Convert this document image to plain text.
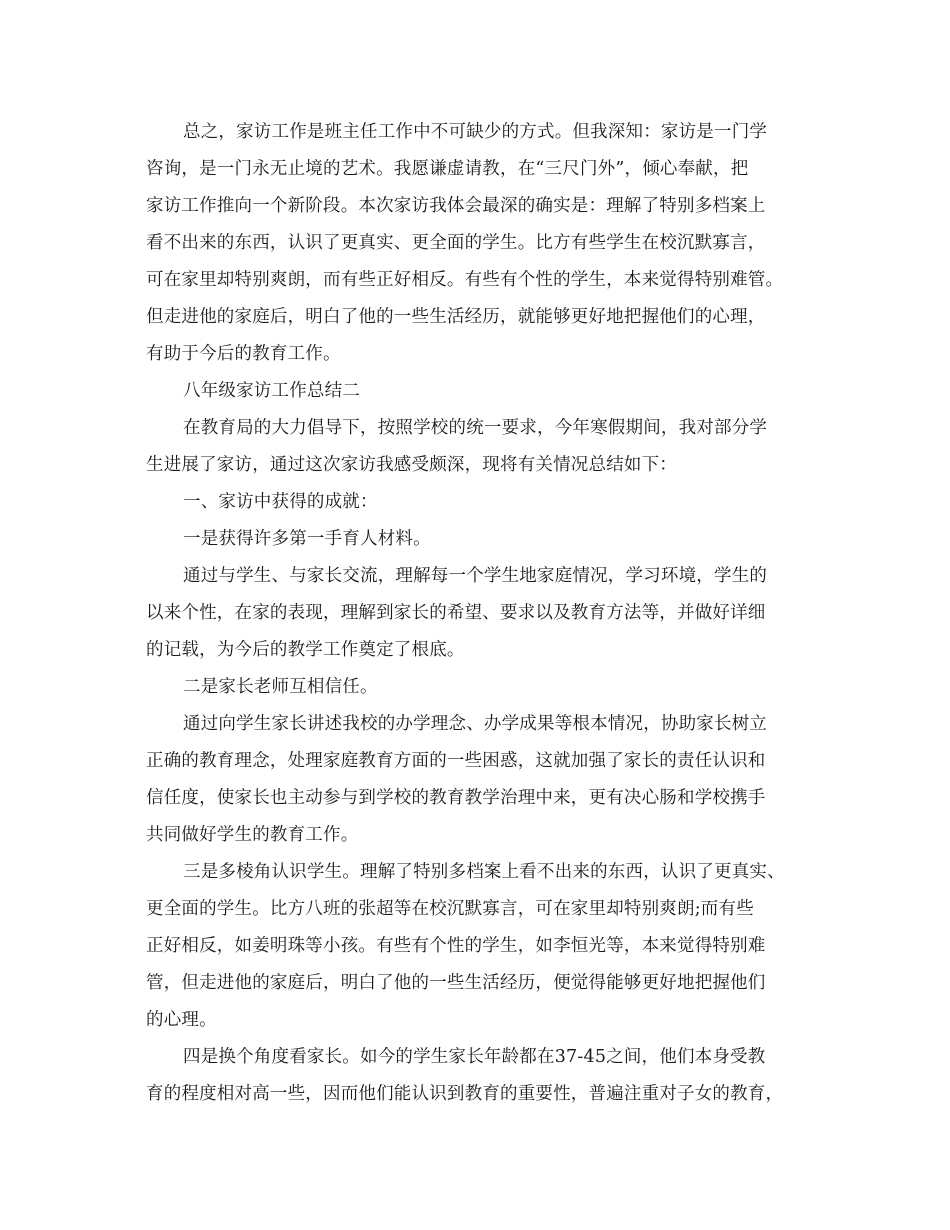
总之，家访工作是班主任工作中不可缺少的方式。但我深知：家访是一门学
咨询，是一门永无止境的艺术。我愿谦虚请教，在“三尺门外”，倾心奉献，把
家访工作推向一个新阶段。本次家访我体会最深的确实是：理解了特别多档案上
看不出来的东西，认识了更真实、更全面的学生。比方有些学生在校沉默寡言，
可在家里却特别爽朗，而有些正好相反。有些有个性的学生，本来觉得特别难管。
但走进他的家庭后，明白了他的一些生活经历，就能够更好地把握他们的心理，
有助于今后的教育工作。
八年级家访工作总结二
在教育局的大力倡导下，按照学校的统一要求，今年寒假期间，我对部分学
生进展了家访，通过这次家访我感受颇深，现将有关情况总结如下：
一、家访中获得的成就：
一是获得许多第一手育人材料。
通过与学生、与家长交流，理解每一个学生地家庭情况，学习环境，学生的
以来个性，在家的表现，理解到家长的希望、要求以及教育方法等，并做好详细
的记载，为今后的教学工作奠定了根底。
二是家长老师互相信任。
通过向学生家长讲述我校的办学理念、办学成果等根本情况，协助家长树立
正确的教育理念，处理家庭教育方面的一些困惑，这就加强了家长的责任认识和
信任度，使家长也主动参与到学校的教育教学治理中来，更有决心肠和学校携手
共同做好学生的教育工作。
三是多棱角认识学生。理解了特别多档案上看不出来的东西，认识了更真实、
更全面的学生。比方八班的张超等在校沉默寡言，可在家里却特别爽朗;而有些
正好相反，如姜明珠等小孩。有些有个性的学生，如李恒光等，本来觉得特别难
管，但走进他的家庭后，明白了他的一些生活经历，便觉得能够更好地把握他们
的心理。
四是换个角度看家长。如今的学生家长年龄都在37-45之间，他们本身受教
育的程度相对高一些，因而他们能认识到教育的重要性，普遍注重对子女的教育，
